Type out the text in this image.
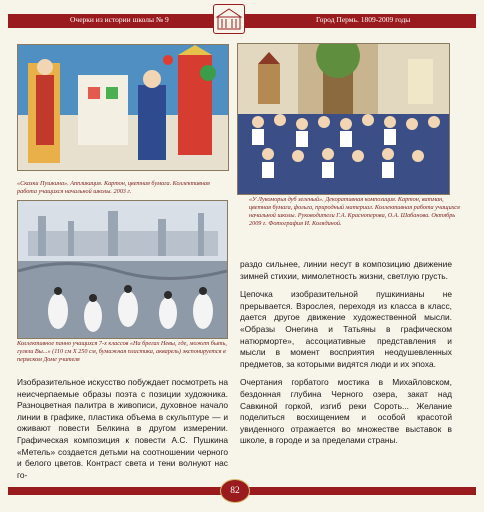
Очерки из истории школы № 9	Город Пермь. 1809-2009 годы
«Сказки Пушкина». Аппликация. Картон, цветная бумага. Коллективная работа учащихся начальной школы. 2003 г.
«У Лукоморья дуб зеленый». Декоративная композиция. Картон, ватман, цветная бумага, фольга, природный материал. Коллективная работа учащихся начальной школы. Руководители Г.А. Красноперова, О.А. Шабанова. Октябрь 2009 г. Фотография И. Колядиной.
Коллективное панно учащихся 7-х классов «На брегах Невы, где, может быть, гуляли Вы...» (110 см Х 250 см, бумажная пластика, акварель) экспонируется в пермском Доме учителя

Изобразительное искусство побуждает посмотреть на неисчерпаемые образы поэта с позиции художника. Разноцветная палитра в живописи, духовное начало линии в графике, пластика объема в скульптуре — и оживают повести Белкина в другом измерении. Графическая композиция к повести А.С. Пушкина «Метель» создается детьми на соотношении черного и белого цветов. Контраст света и тени волнуют нас го-

раздо сильнее, линии несут в композицию движение зимней стихии, мимолетность жизни, светлую грусть.

Цепочка изобразительной пушкинианы не прерывается. Взрослея, переходя из класса в класс, дается другое движение художественной мысли. «Образы Онегина и Татьяны в графическом натюрморте», ассоциативные представления и мысли в момент восприятия неодушевленных предметов, за которыми видятся люди и их эпоха.

Очертания горбатого мостика в Михайловском, бездонная глубина Черного озера, закат над Савкиной горкой, изгиб реки Сороть... Желание поделиться восхищением и особой красотой увиденного отражается во множестве выставок в школе, в городе и за пределами страны.

82
